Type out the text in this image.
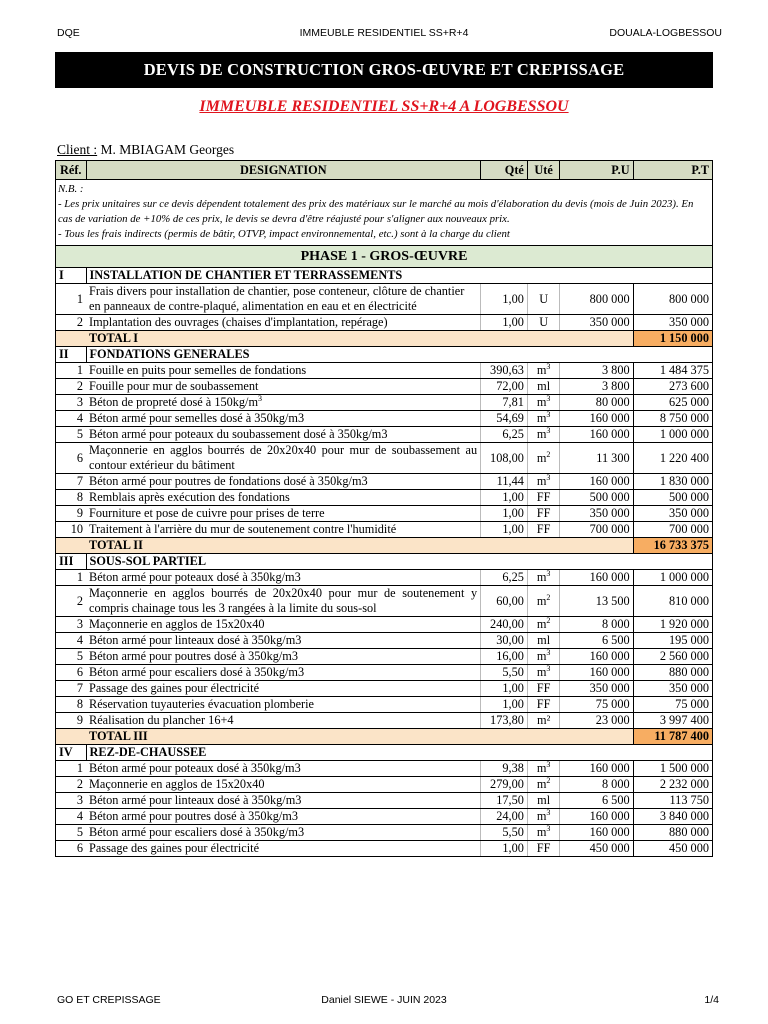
DQE	IMMEUBLE RESIDENTIEL SS+R+4	DOUALA-LOGBESSOU
DEVIS DE CONSTRUCTION GROS-ŒUVRE ET CREPISSAGE
IMMEUBLE RESIDENTIEL SS+R+4 A LOGBESSOU
Client : M. MBIAGAM Georges
Réf.	DESIGNATION	Qté	Uté	P.U	P.T

N.B. :
- Les prix unitaires sur ce devis dépendent totalement des prix des matériaux sur le marché au mois d'élaboration du devis (mois de Juin 2023). En cas de variation de +10% de ces prix, le devis se devra d'être réajusté pour s'aligner aux nouveaux prix.
- Tous les frais indirects (permis de bâtir, OTVP, impact environnemental, etc.) sont à la charge du client					

PHASE 1 - GROS-ŒUVRE					
I	INSTALLATION DE CHANTIER ET TERRASSEMENTS				
1	Frais divers pour installation de chantier, pose conteneur, clôture de chantier en panneaux de contre-plaqué, alimentation en eau et en électricité	1,00	U	800 000	800 000
2	Implantation des ouvrages (chaises d'implantation, repérage)	1,00	U	350 000	350 000
	TOTAL I				1 150 000
II	FONDATIONS GENERALES				
1	Fouille en puits pour semelles de fondations	390,63	$m^3$	3 800	1 484 375
2	Fouille pour mur de soubassement	72,00	ml	3 800	273 600
3	Béton de propreté dosé à $150kg/m^3$	7,81	$m^3$	80 000	625 000
4	Béton armé pour semelles dosé à 350kg/m3	54,69	$m^3$	160 000	8 750 000
5	Béton armé pour poteaux du soubassement dosé à 350kg/m3	6,25	$m^3$	160 000	1 000 000
6	Maçonnerie en agglos bourrés de 20x20x40 pour mur de soubassement au contour extérieur du bâtiment	108,00	$m^2$	11 300	1 220 400
7	Béton armé pour poutres de fondations dosé à 350kg/m3	11,44	$m^3$	160 000	1 830 000
8	Remblais après exécution des fondations	1,00	FF	500 000	500 000
9	Fourniture et pose de cuivre pour prises de terre	1,00	FF	350 000	350 000
10	Traitement à l'arrière du mur de soutenement contre l'humidité	1,00	FF	700 000	700 000
	TOTAL II				16 733 375
III	SOUS-SOL PARTIEL				
1	Béton armé pour poteaux dosé à 350kg/m3	6,25	$m^3$	160 000	1 000 000
2	Maçonnerie en agglos bourrés de 20x20x40 pour mur de soutenement y compris chainage tous les 3 rangées à la limite du sous-sol	60,00	$m^2$	13 500	810 000
3	Maçonnerie en agglos de 15x20x40	240,00	$m^2$	8 000	1 920 000
4	Béton armé pour linteaux dosé à 350kg/m3	30,00	ml	6 500	195 000
5	Béton armé pour poutres dosé à 350kg/m3	16,00	$m^3$	160 000	2 560 000
6	Béton armé pour escaliers dosé à 350kg/m3	5,50	$m^3$	160 000	880 000
7	Passage des gaines pour électricité	1,00	FF	350 000	350 000
8	Réservation tuyauteries évacuation plomberie	1,00	FF	75 000	75 000
9	Réalisation du plancher 16+4	173,80	m²	23 000	3 997 400
	TOTAL III				11 787 400
IV	REZ-DE-CHAUSSEE				
1	Béton armé pour poteaux dosé à 350kg/m3	9,38	$m^3$	160 000	1 500 000
2	Maçonnerie en agglos de 15x20x40	279,00	$m^2$	8 000	2 232 000
3	Béton armé pour linteaux dosé à 350kg/m3	17,50	ml	6 500	113 750
4	Béton armé pour poutres dosé à 350kg/m3	24,00	$m^3$	160 000	3 840 000
5	Béton armé pour escaliers dosé à 350kg/m3	5,50	$m^3$	160 000	880 000
6	Passage des gaines pour électricité	1,00	FF	450 000	450 000
GO ET CREPISSAGE	Daniel SIEWE - JUIN 2023	1/4
